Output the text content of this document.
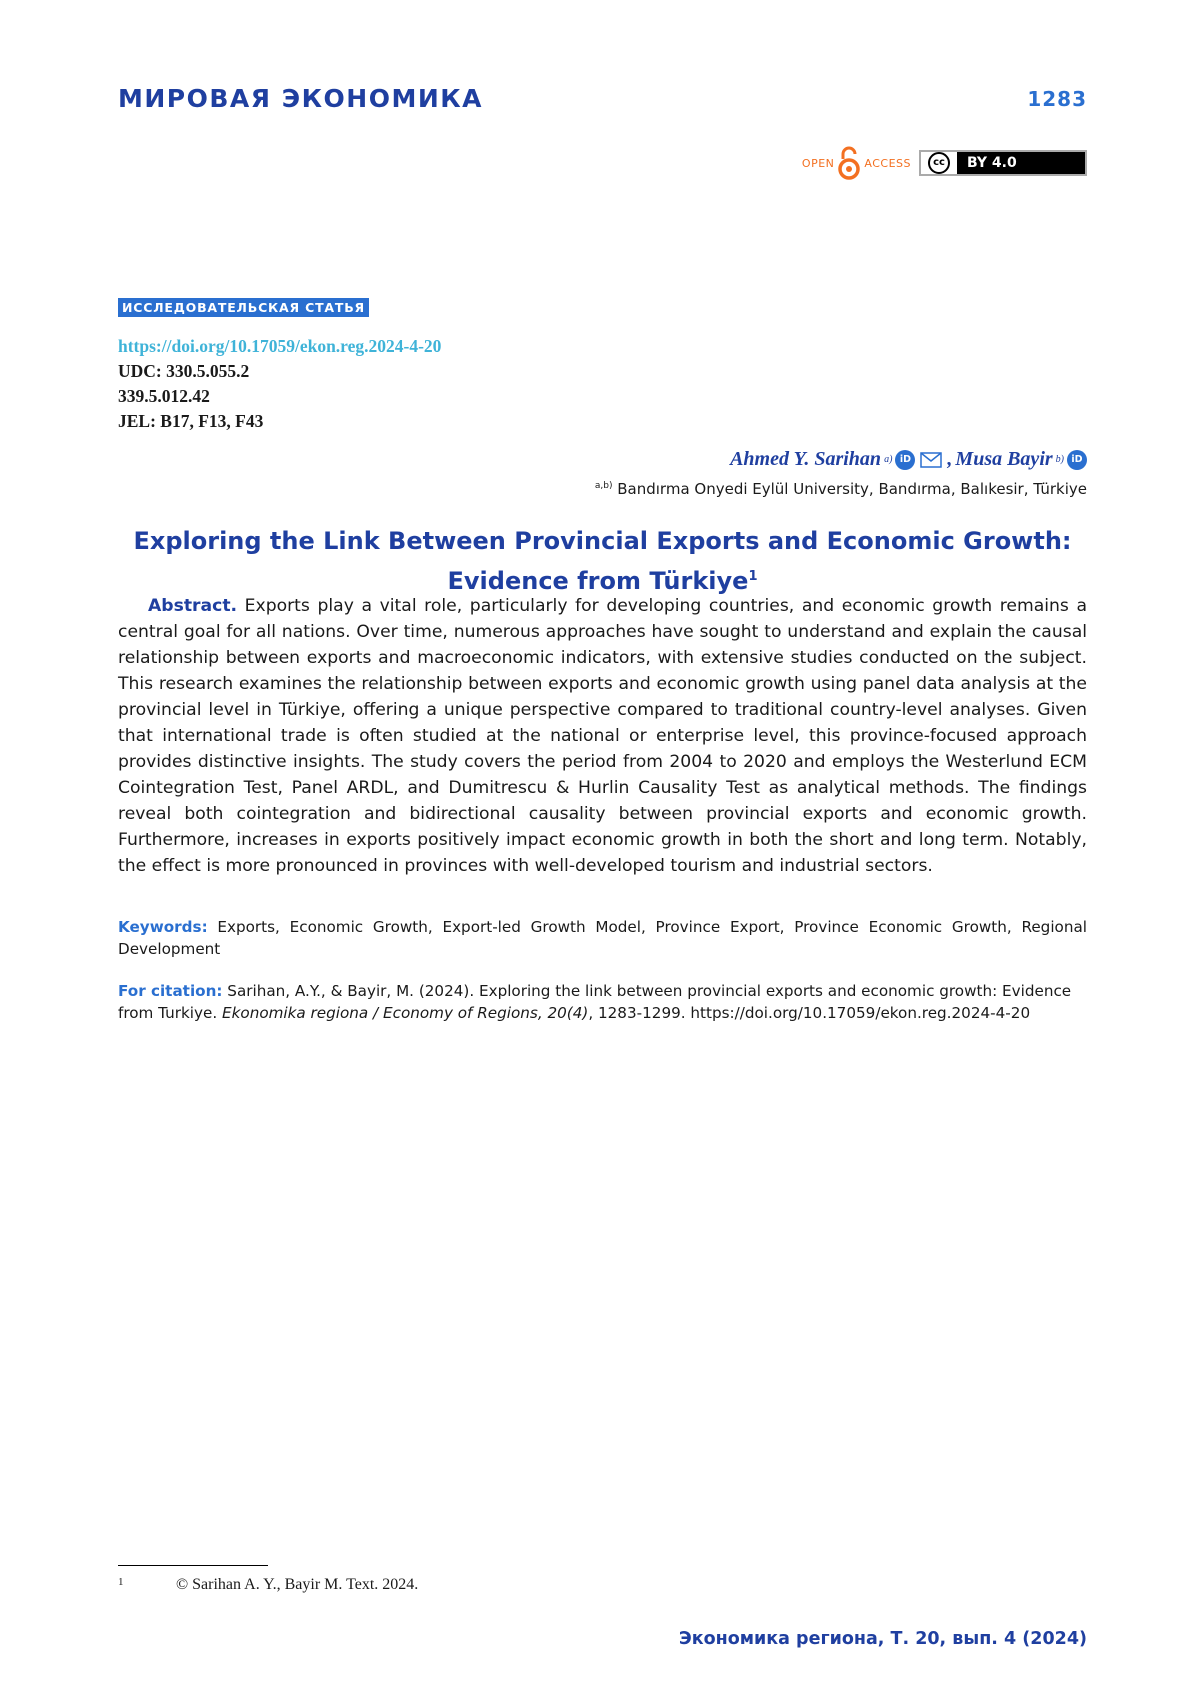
МИРОВАЯ ЭКОНОМИКА	1283
OPEN	ACCESS	cc	BY 4.0
ИССЛЕДОВАТЕЛЬСКАЯ СТАТЬЯ
https://doi.org/10.17059/ekon.reg.2024-4-20
UDC: 330.5.055.2
339.5.012.42
JEL: B17, F13, F43
Ahmed Y. Sarihan a) iD , Musa Bayir b) iD
$^{a,b)}$ Bandırma Onyedi Eylül University, Bandırma, Balıkesir, Türkiye
Exploring the Link Between Provincial Exports and Economic Growth:
Evidence from Türkiye$^1$

Abstract. Exports play a vital role, particularly for developing countries, and economic growth remains a central goal for all nations. Over time, numerous approaches have sought to understand and explain the causal relationship between exports and macroeconomic indicators, with extensive studies conducted on the subject. This research examines the relationship between exports and economic growth using panel data analysis at the provincial level in Türkiye, offering a unique perspective compared to traditional country-level analyses. Given that international trade is often studied at the national or enterprise level, this province-focused approach provides distinctive insights. The study covers the period from 2004 to 2020 and employs the Westerlund ECM Cointegration Test, Panel ARDL, and Dumitrescu & Hurlin Causality Test as analytical methods. The findings reveal both cointegration and bidirectional causality between provincial exports and economic growth. Furthermore, increases in exports positively impact economic growth in both the short and long term. Notably, the effect is more pronounced in provinces with well-developed tourism and industrial sectors.

Keywords: Exports, Economic Growth, Export-led Growth Model, Province Export, Province Economic Growth, Regional Development

For citation: Sarihan, A.Y., & Bayir, M. (2024). Exploring the link between provincial exports and economic growth: Evidence from Turkiye. Ekonomika regiona / Economy of Regions, 20(4), 1283-1299. https://doi.org/10.17059/ekon.reg.2024-4-20

1	© Sarihan A. Y., Bayir M. Text. 2024.
Экономика региона, Т. 20, вып. 4 (2024)
